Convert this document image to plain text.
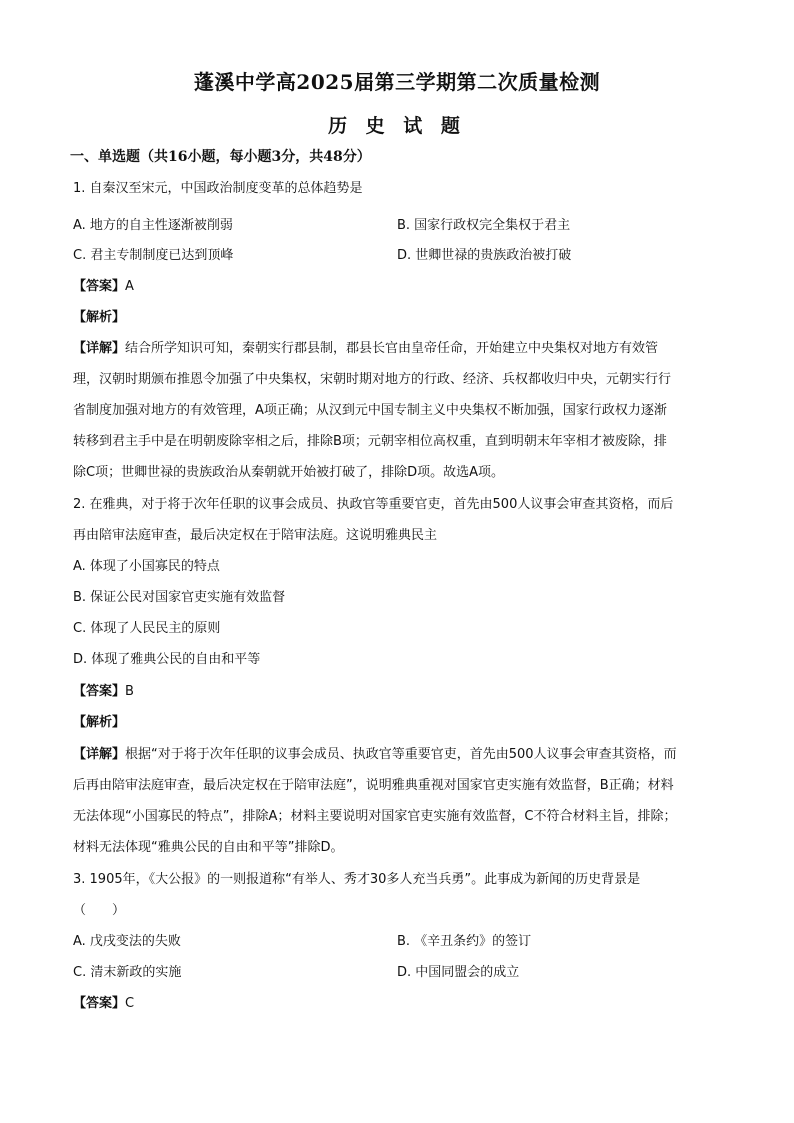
蓬溪中学高2025届第三学期第二次质量检测
历 史 试 题
一、单选题（共16小题，每小题3分，共48分）
1. 自秦汉至宋元，中国政治制度变革的总体趋势是
A. 地方的自主性逐渐被削弱	B. 国家行政权完全集权于君主
C. 君主专制制度已达到顶峰	D. 世卿世禄的贵族政治被打破
【答案】A
【解析】
【详解】结合所学知识可知，秦朝实行郡县制，郡县长官由皇帝任命，开始建立中央集权对地方有效管
理，汉朝时期颁布推恩令加强了中央集权，宋朝时期对地方的行政、经济、兵权都收归中央，元朝实行行
省制度加强对地方的有效管理，A项正确；从汉到元中国专制主义中央集权不断加强，国家行政权力逐渐
转移到君主手中是在明朝废除宰相之后，排除B项；元朝宰相位高权重，直到明朝末年宰相才被废除，排
除C项；世卿世禄的贵族政治从秦朝就开始被打破了，排除D项。故选A项。
2. 在雅典，对于将于次年任职的议事会成员、执政官等重要官吏，首先由500人议事会审查其资格，而后
再由陪审法庭审查，最后决定权在于陪审法庭。这说明雅典民主
A. 体现了小国寡民的特点
B. 保证公民对国家官吏实施有效监督
C. 体现了人民民主的原则
D. 体现了雅典公民的自由和平等
【答案】B
【解析】
【详解】根据“对于将于次年任职的议事会成员、执政官等重要官吏，首先由500人议事会审查其资格，而
后再由陪审法庭审查，最后决定权在于陪审法庭”，说明雅典重视对国家官吏实施有效监督，B正确；材料
无法体现“小国寡民的特点”，排除A；材料主要说明对国家官吏实施有效监督，C不符合材料主旨，排除；
材料无法体现“雅典公民的自由和平等”排除D。
3. 1905年，《大公报》的一则报道称“有举人、秀才30多人充当兵勇”。此事成为新闻的历史背景是
（　　）
A. 戊戌变法的失败	B. 《辛丑条约》的签订
C. 清末新政的实施	D. 中国同盟会的成立
【答案】C
